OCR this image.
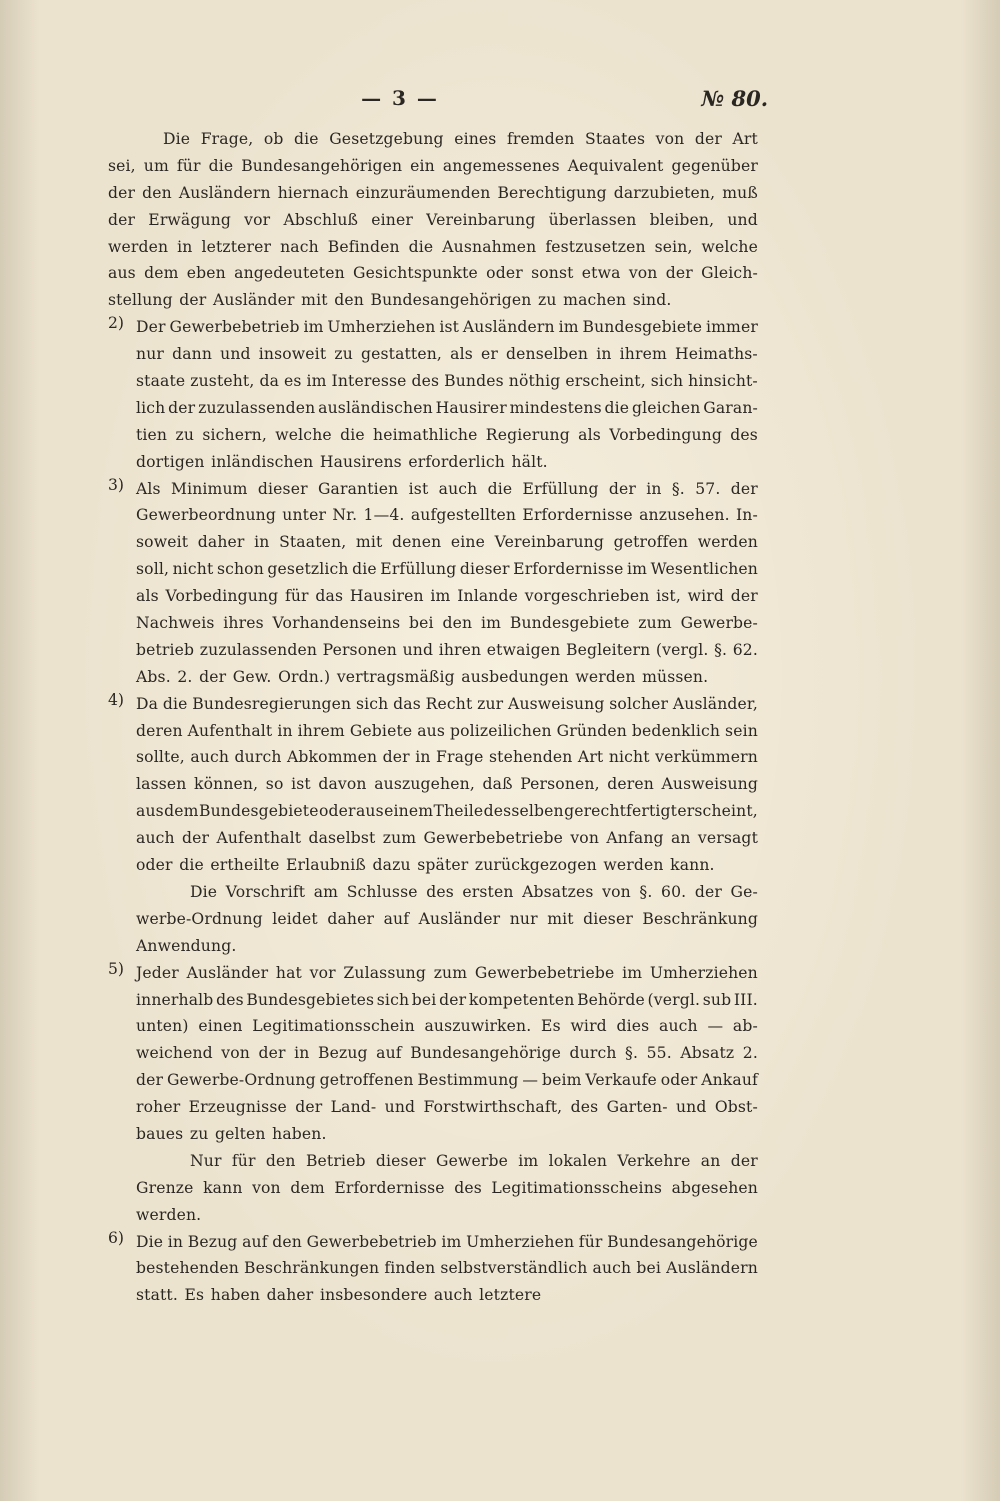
— 3 —	№ 80.
Die Frage, ob die Gesetzgebung eines fremden Staates von der Art
sei, um für die Bundesangehörigen ein angemessenes Aequivalent gegenüber
der den Ausländern hiernach einzuräumenden Berechtigung darzubieten, muß
der Erwägung vor Abschluß einer Vereinbarung überlassen bleiben, und
werden in letzterer nach Befinden die Ausnahmen festzusetzen sein, welche
aus dem eben angedeuteten Gesichtspunkte oder sonst etwa von der Gleich-
stellung der Ausländer mit den Bundesangehörigen zu machen sind.
2) Der Gewerbebetrieb im Umherziehen ist Ausländern im Bundesgebiete immer
nur dann und insoweit zu gestatten, als er denselben in ihrem Heimaths-
staate zusteht, da es im Interesse des Bundes nöthig erscheint, sich hinsicht-
lich der zuzulassenden ausländischen Hausirer mindestens die gleichen Garan-
tien zu sichern, welche die heimathliche Regierung als Vorbedingung des
dortigen inländischen Hausirens erforderlich hält.
3) Als Minimum dieser Garantien ist auch die Erfüllung der in §. 57. der
Gewerbeordnung unter Nr. 1—4. aufgestellten Erfordernisse anzusehen. In-
soweit daher in Staaten, mit denen eine Vereinbarung getroffen werden
soll, nicht schon gesetzlich die Erfüllung dieser Erfordernisse im Wesentlichen
als Vorbedingung für das Hausiren im Inlande vorgeschrieben ist, wird der
Nachweis ihres Vorhandenseins bei den im Bundesgebiete zum Gewerbe-
betrieb zuzulassenden Personen und ihren etwaigen Begleitern (vergl. §. 62.
Abs. 2. der Gew. Ordn.) vertragsmäßig ausbedungen werden müssen.
4) Da die Bundesregierungen sich das Recht zur Ausweisung solcher Ausländer,
deren Aufenthalt in ihrem Gebiete aus polizeilichen Gründen bedenklich sein
sollte, auch durch Abkommen der in Frage stehenden Art nicht verkümmern
lassen können, so ist davon auszugehen, daß Personen, deren Ausweisung
aus dem Bundesgebiete oder aus einem Theile desselben gerechtfertigt erscheint,
auch der Aufenthalt daselbst zum Gewerbebetriebe von Anfang an versagt
oder die ertheilte Erlaubniß dazu später zurückgezogen werden kann.
Die Vorschrift am Schlusse des ersten Absatzes von §. 60. der Ge-
werbe-Ordnung leidet daher auf Ausländer nur mit dieser Beschränkung
Anwendung.
5) Jeder Ausländer hat vor Zulassung zum Gewerbebetriebe im Umherziehen
innerhalb des Bundesgebietes sich bei der kompetenten Behörde (vergl. sub III.
unten) einen Legitimationsschein auszuwirken. Es wird dies auch — ab-
weichend von der in Bezug auf Bundesangehörige durch §. 55. Absatz 2.
der Gewerbe-Ordnung getroffenen Bestimmung — beim Verkaufe oder Ankauf
roher Erzeugnisse der Land- und Forstwirthschaft, des Garten- und Obst-
baues zu gelten haben.
Nur für den Betrieb dieser Gewerbe im lokalen Verkehre an der
Grenze kann von dem Erfordernisse des Legitimationsscheins abgesehen
werden.
6) Die in Bezug auf den Gewerbebetrieb im Umherziehen für Bundesangehörige
bestehenden Beschränkungen finden selbstverständlich auch bei Ausländern
statt. Es haben daher insbesondere auch letztere
